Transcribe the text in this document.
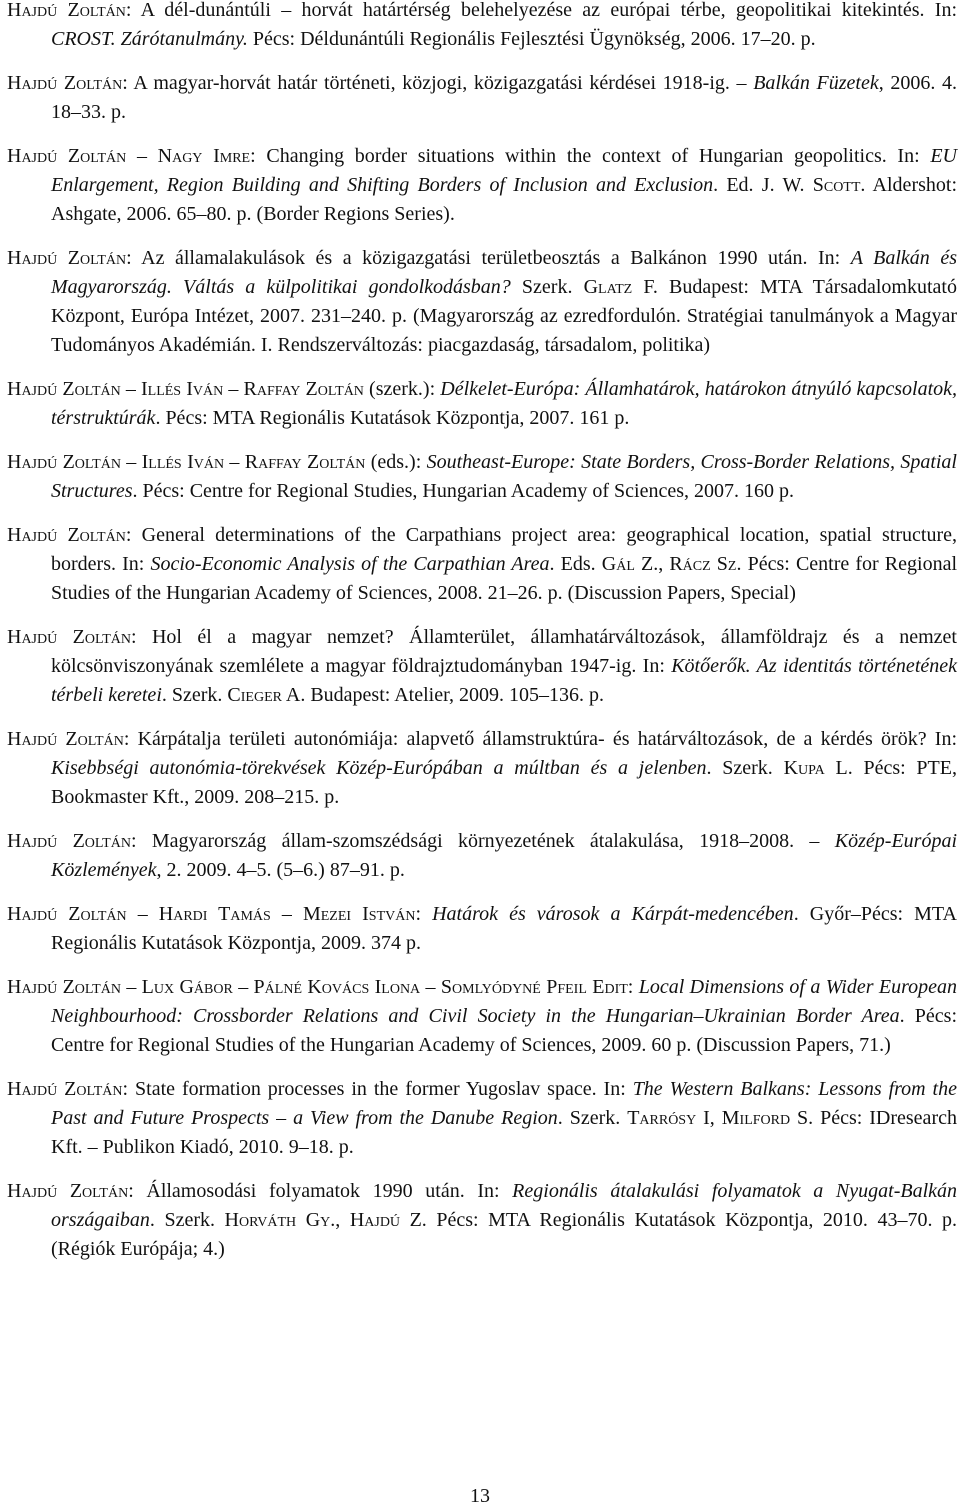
Hajdú Zoltán: A dél-dunántúli – horvát határtérség belehelyezése az európai térbe, geopolitikai kitekintés. In: CROST. Zárótanulmány. Pécs: Déldunántúli Regionális Fejlesztési Ügynökség, 2006. 17–20. p.

Hajdú Zoltán: A magyar-horvát határ történeti, közjogi, közigazgatási kérdései 1918-ig. – Balkán Füzetek, 2006. 4. 18–33. p.

Hajdú Zoltán – Nagy Imre: Changing border situations within the context of Hungarian geopolitics. In: EU Enlargement, Region Building and Shifting Borders of Inclusion and Exclusion. Ed. J. W. Scott. Aldershot: Ashgate, 2006. 65–80. p. (Border Regions Series).

Hajdú Zoltán: Az államalakulások és a közigazgatási területbeosztás a Balkánon 1990 után. In: A Balkán és Magyarország. Váltás a külpolitikai gondolkodásban? Szerk. Glatz F. Budapest: MTA Társadalomkutató Központ, Európa Intézet, 2007. 231–240. p. (Magyarország az ezredfordulón. Stratégiai tanulmányok a Magyar Tudományos Akadémián. I. Rendszerváltozás: piacgazdaság, társadalom, politika)

Hajdú Zoltán – Illés Iván – Raffay Zoltán (szerk.): Délkelet-Európa: Államhatárok, határokon átnyúló kapcsolatok, térstruktúrák. Pécs: MTA Regionális Kutatások Központja, 2007. 161 p.

Hajdú Zoltán – Illés Iván – Raffay Zoltán (eds.): Southeast-Europe: State Borders, Cross-Border Relations, Spatial Structures. Pécs: Centre for Regional Studies, Hungarian Academy of Sciences, 2007. 160 p.

Hajdú Zoltán: General determinations of the Carpathians project area: geographical location, spatial structure, borders. In: Socio-Economic Analysis of the Carpathian Area. Eds. Gál Z., Rácz Sz. Pécs: Centre for Regional Studies of the Hungarian Academy of Sciences, 2008. 21–26. p. (Discussion Papers, Special)

Hajdú Zoltán: Hol él a magyar nemzet? Államterület, államhatárváltozások, államföldrajz és a nemzet kölcsönviszonyának szemlélete a magyar földrajztudományban 1947-ig. In: Kötőerők. Az identitás történetének térbeli keretei. Szerk. Cieger A. Budapest: Atelier, 2009. 105–136. p.

Hajdú Zoltán: Kárpátalja területi autonómiája: alapvető államstruktúra- és határváltozások, de a kérdés örök? In: Kisebbségi autonómia-törekvések Közép-Európában a múltban és a jelenben. Szerk. Kupa L. Pécs: PTE, Bookmaster Kft., 2009. 208–215. p.

Hajdú Zoltán: Magyarország állam-szomszédsági környezetének átalakulása, 1918–2008. – Közép-Európai Közlemények, 2. 2009. 4–5. (5–6.) 87–91. p.

Hajdú Zoltán – Hardi Tamás – Mezei István: Határok és városok a Kárpát-medencében. Győr–Pécs: MTA Regionális Kutatások Központja, 2009. 374 p.

Hajdú Zoltán – Lux Gábor – Pálné Kovács Ilona – Somlyódyné Pfeil Edit: Local Dimensions of a Wider European Neighbourhood: Crossborder Relations and Civil Society in the Hungarian–Ukrainian Border Area. Pécs: Centre for Regional Studies of the Hungarian Academy of Sciences, 2009. 60 p. (Discussion Papers, 71.)

Hajdú Zoltán: State formation processes in the former Yugoslav space. In: The Western Balkans: Lessons from the Past and Future Prospects – a View from the Danube Region. Szerk. Tarrósy I, Milford S. Pécs: IDresearch Kft. – Publikon Kiadó, 2010. 9–18. p.

Hajdú Zoltán: Államosodási folyamatok 1990 után. In: Regionális átalakulási folyamatok a Nyugat-Balkán országaiban. Szerk. Horváth Gy., Hajdú Z. Pécs: MTA Regionális Kutatások Központja, 2010. 43–70. p. (Régiók Európája; 4.)

13
